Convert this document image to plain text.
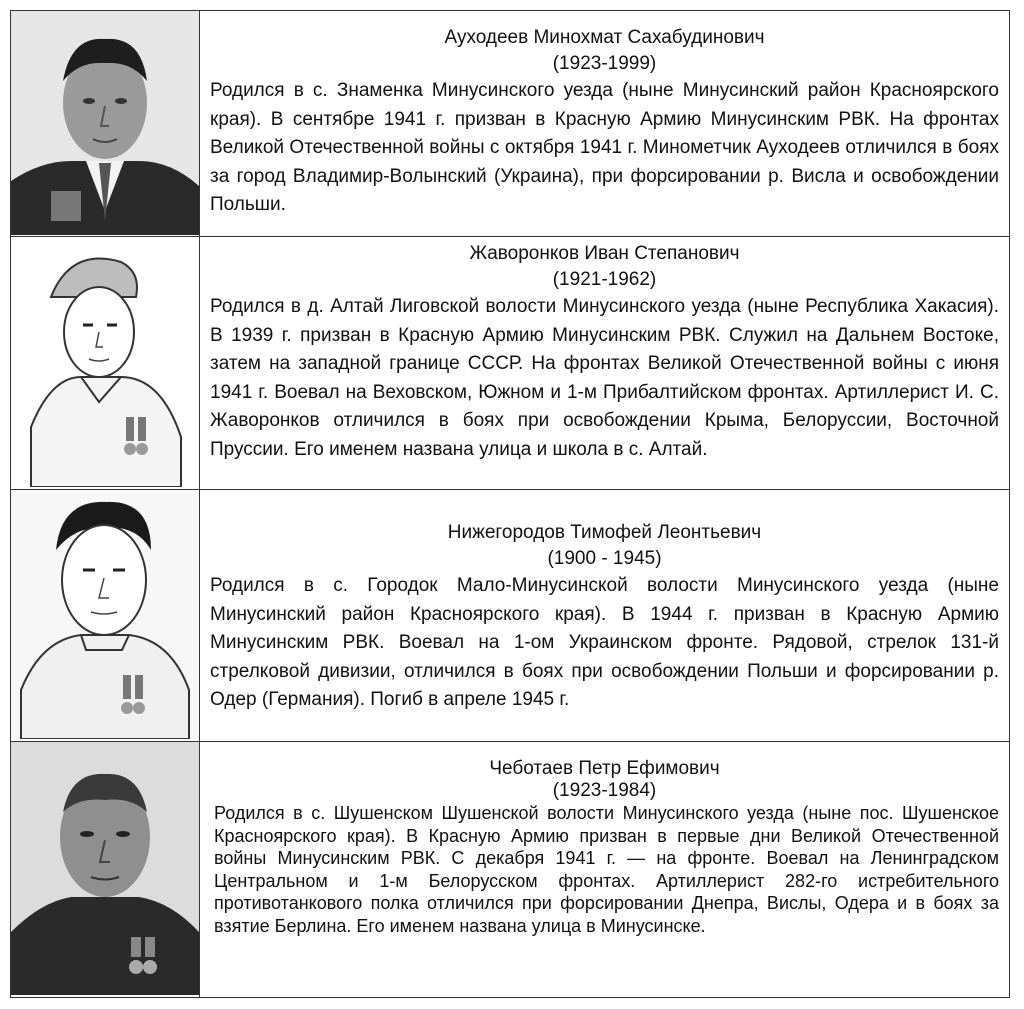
Ауходеев Минохмат Сахабудинович
(1923-1999)
Родился в с. Знаменка Минусинского уезда (ныне Минусинский район Красноярского края). В сентябре 1941 г. призван в Красную Армию Минусинским РВК. На фронтах Великой Отечественной войны с октября 1941 г. Минометчик Ауходеев отличился в боях за город Владимир-Волынский (Украина), при форсировании р. Висла и освобождении Польши.
Жаворонков Иван Степанович
(1921-1962)
Родился в д. Алтай Лиговской волости Минусинского уезда (ныне Республика Хакасия). В 1939 г. призван в Красную Армию Минусинским РВК. Служил на Дальнем Востоке, затем на западной границе СССР. На фронтах Великой Отечественной войны с июня 1941 г. Воевал на Веховском, Южном и 1-м Прибалтийском фронтах. Артиллерист И. С. Жаворонков отличился в боях при освобождении Крыма, Белоруссии, Восточной Пруссии. Его именем названа улица и школа в с. Алтай.
Нижегородов Тимофей Леонтьевич
(1900 - 1945)
Родился в с. Городок Мало-Минусинской волости Минусинского уезда (ныне Минусинский район Красноярского края). В 1944 г. призван в Красную Армию Минусинским РВК. Воевал на 1-ом Украинском фронте. Рядовой, стрелок 131-й стрелковой дивизии, отличился в боях при освобождении Польши и форсировании р. Одер (Германия). Погиб в апреле 1945 г.
Чеботаев Петр Ефимович
(1923-1984)
Родился в с. Шушенском Шушенской волости Минусинского уезда (ныне пос. Шушенское Красноярского края). В Красную Армию призван в первые дни Великой Отечественной войны Минусинским РВК. С декабря 1941 г. — на фронте. Воевал на Ленинградском Центральном и 1-м Белорусском фронтах. Артиллерист 282-го истребительного противотанкового полка отличился при форсировании Днепра, Вислы, Одера и в боях за взятие Берлина. Его именем названа улица в Минусинске.
